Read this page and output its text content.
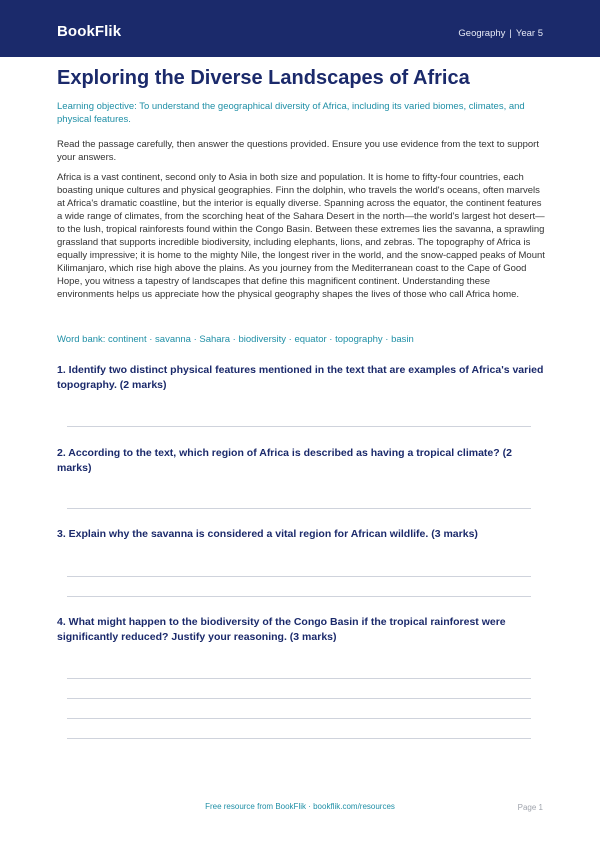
BookFlik	Geography | Year 5
Exploring the Diverse Landscapes of Africa

Learning objective: To understand the geographical diversity of Africa, including its varied biomes, climates, and physical features.

Read the passage carefully, then answer the questions provided. Ensure you use evidence from the text to support your answers.

Africa is a vast continent, second only to Asia in both size and population. It is home to fifty-four countries, each boasting unique cultures and physical geographies. Finn the dolphin, who travels the world's oceans, often marvels at Africa's dramatic coastline, but the interior is equally diverse. Spanning across the equator, the continent features a wide range of climates, from the scorching heat of the Sahara Desert in the north—the world's largest hot desert—to the lush, tropical rainforests found within the Congo Basin. Between these extremes lies the savanna, a sprawling grassland that supports incredible biodiversity, including elephants, lions, and zebras. The topography of Africa is equally impressive; it is home to the mighty Nile, the longest river in the world, and the snow-capped peaks of Mount Kilimanjaro, which rise high above the plains. As you journey from the Mediterranean coast to the Cape of Good Hope, you witness a tapestry of landscapes that define this magnificent continent. Understanding these environments helps us appreciate how the physical geography shapes the lives of those who call Africa home.

Word bank: continent · savanna · Sahara · biodiversity · equator · topography · basin

1. Identify two distinct physical features mentioned in the text that are examples of Africa's varied topography. (2 marks)

2. According to the text, which region of Africa is described as having a tropical climate? (2 marks)

3. Explain why the savanna is considered a vital region for African wildlife. (3 marks)

4. What might happen to the biodiversity of the Congo Basin if the tropical rainforest were significantly reduced? Justify your reasoning. (3 marks)

Free resource from BookFlik · bookflik.com/resources	Page 1
